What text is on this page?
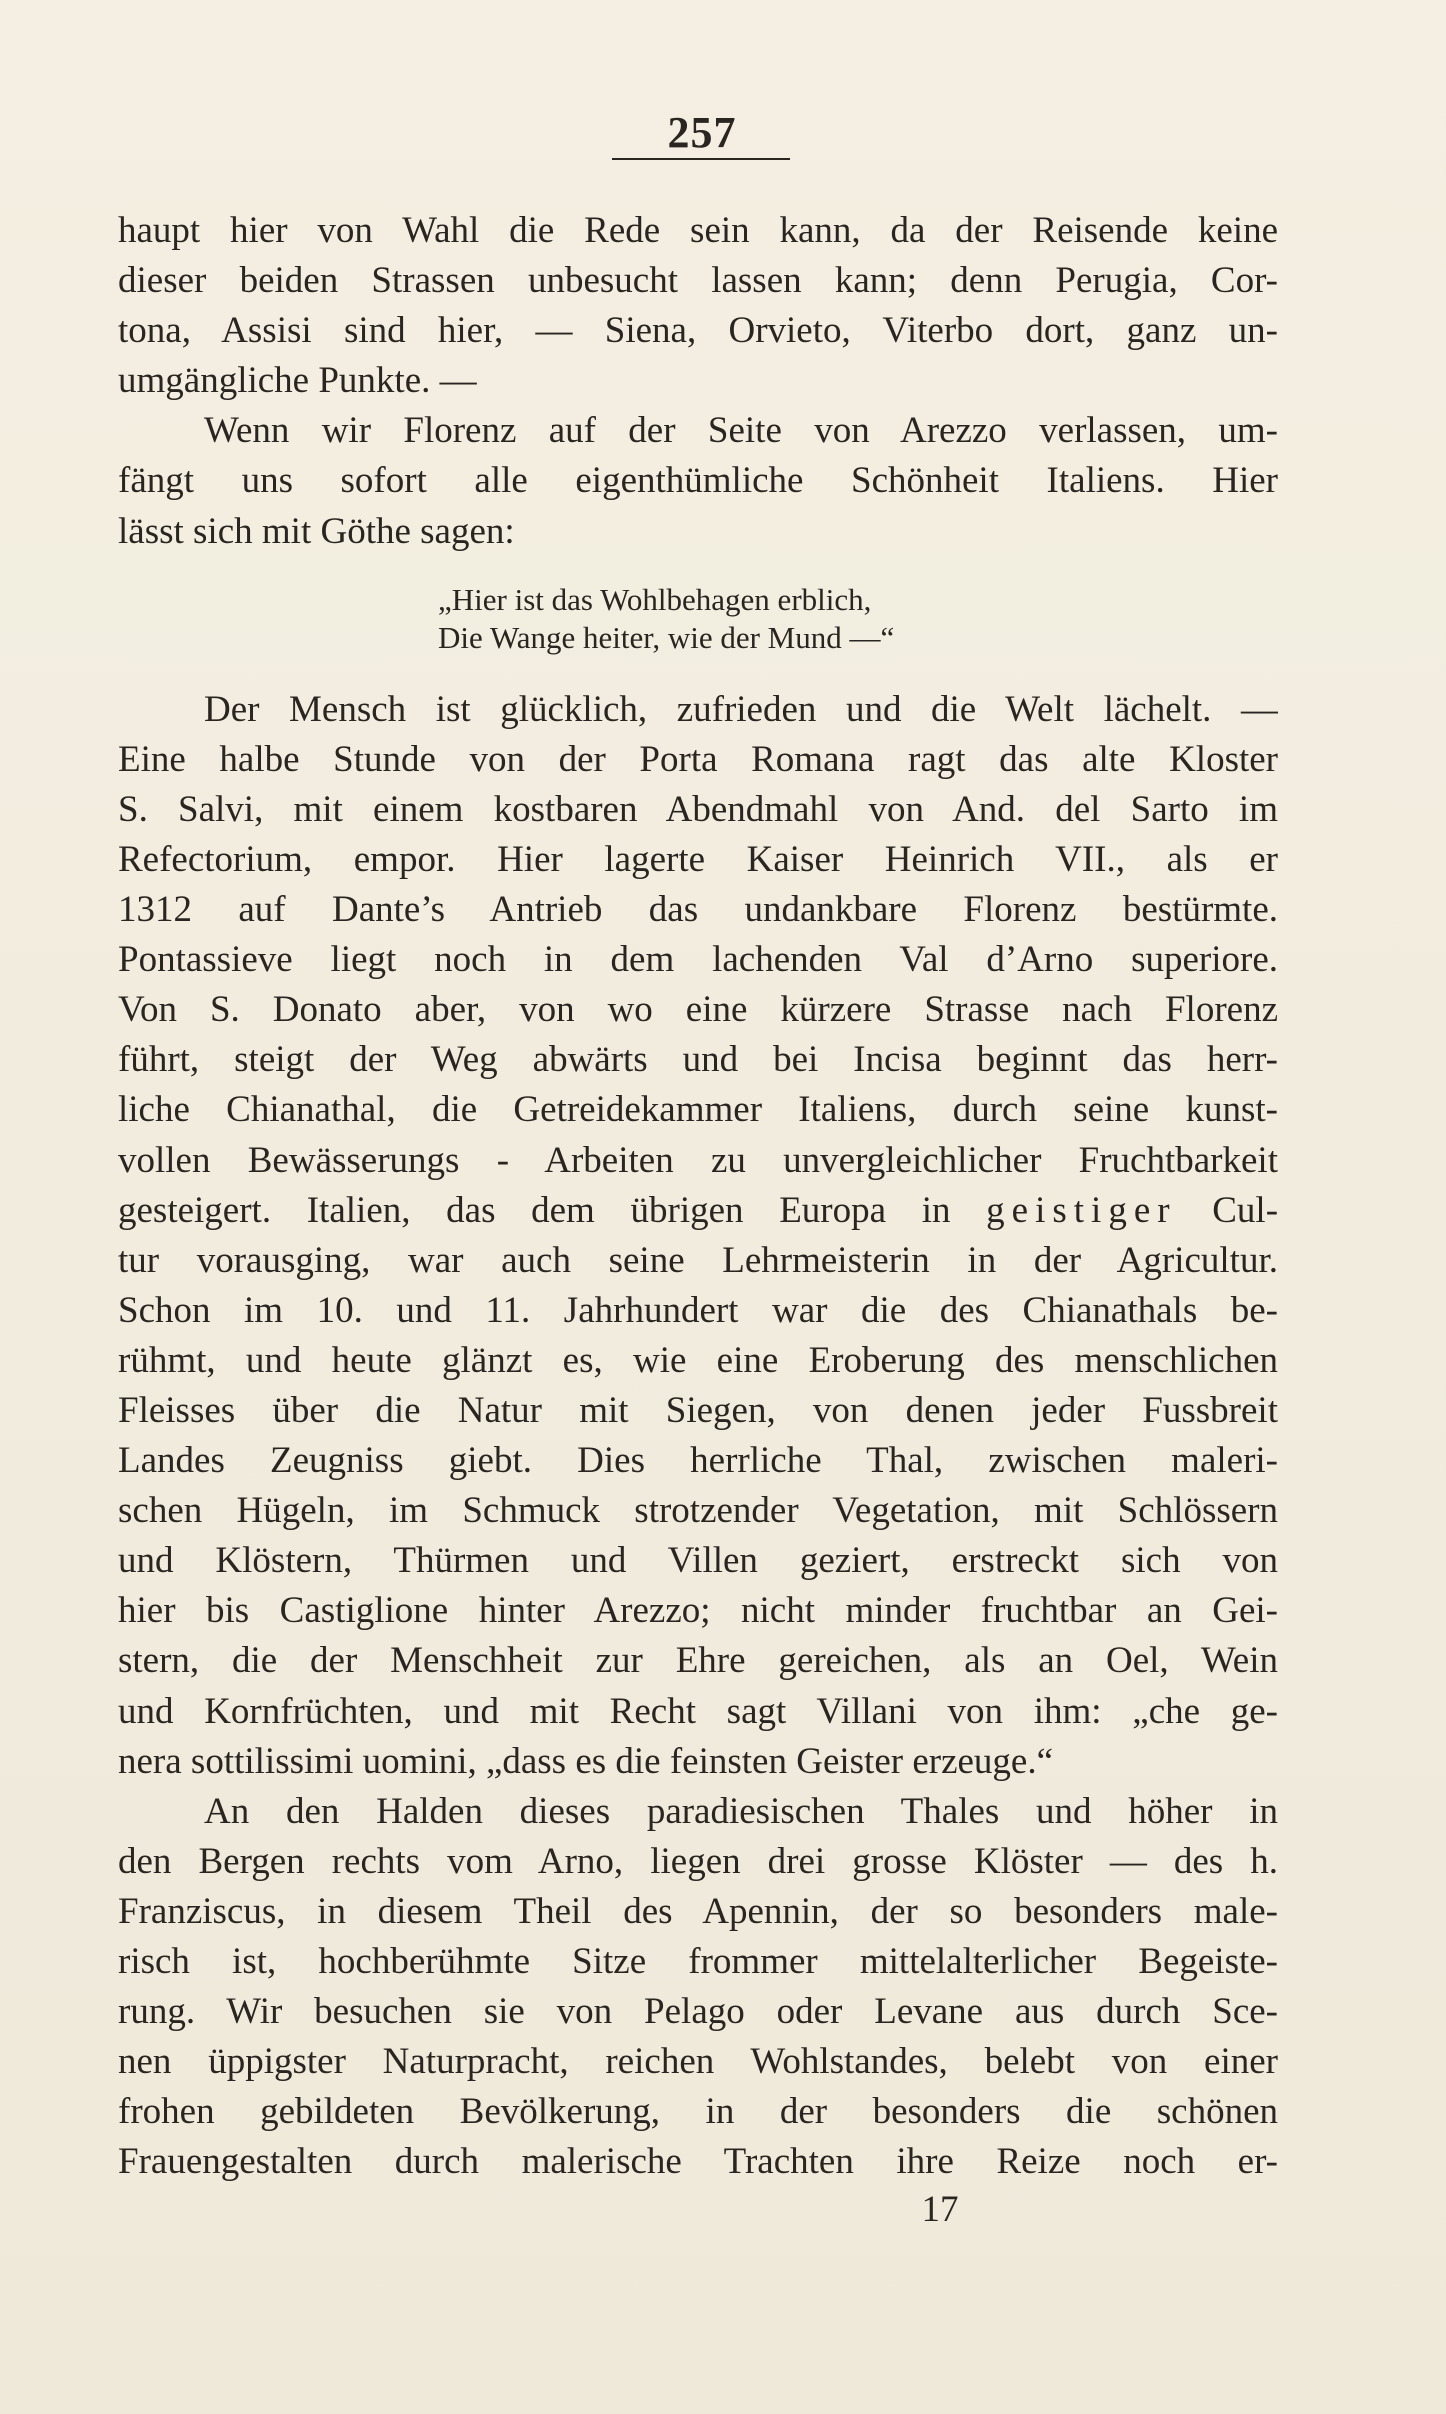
257
haupt hier von Wahl die Rede sein kann, da der Reisende keine
dieser beiden Strassen unbesucht lassen kann; denn Perugia, Cor-
tona, Assisi sind hier, — Siena, Orvieto, Viterbo dort, ganz un-
umgängliche Punkte. —
Wenn wir Florenz auf der Seite von Arezzo verlassen, um-
fängt uns sofort alle eigenthümliche Schönheit Italiens. Hier
lässt sich mit Göthe sagen:
„Hier ist das Wohlbehagen erblich,
Die Wange heiter, wie der Mund —“
Der Mensch ist glücklich, zufrieden und die Welt lächelt. —
Eine halbe Stunde von der Porta Romana ragt das alte Kloster
S. Salvi, mit einem kostbaren Abendmahl von And. del Sarto im
Refectorium, empor. Hier lagerte Kaiser Heinrich VII., als er
1312 auf Dante’s Antrieb das undankbare Florenz bestürmte.
Pontassieve liegt noch in dem lachenden Val d’Arno superiore.
Von S. Donato aber, von wo eine kürzere Strasse nach Florenz
führt, steigt der Weg abwärts und bei Incisa beginnt das herr-
liche Chianathal, die Getreidekammer Italiens, durch seine kunst-
vollen Bewässerungs - Arbeiten zu unvergleichlicher Fruchtbarkeit
gesteigert. Italien, das dem übrigen Europa in geistiger Cul-
tur vorausging, war auch seine Lehrmeisterin in der Agricultur.
Schon im 10. und 11. Jahrhundert war die des Chianathals be-
rühmt, und heute glänzt es, wie eine Eroberung des menschlichen
Fleisses über die Natur mit Siegen, von denen jeder Fussbreit
Landes Zeugniss giebt. Dies herrliche Thal, zwischen maleri-
schen Hügeln, im Schmuck strotzender Vegetation, mit Schlössern
und Klöstern, Thürmen und Villen geziert, erstreckt sich von
hier bis Castiglione hinter Arezzo; nicht minder fruchtbar an Gei-
stern, die der Menschheit zur Ehre gereichen, als an Oel, Wein
und Kornfrüchten, und mit Recht sagt Villani von ihm: „che ge-
nera sottilissimi uomini, „dass es die feinsten Geister erzeuge.“
An den Halden dieses paradiesischen Thales und höher in
den Bergen rechts vom Arno, liegen drei grosse Klöster — des h.
Franziscus, in diesem Theil des Apennin, der so besonders male-
risch ist, hochberühmte Sitze frommer mittelalterlicher Begeiste-
rung. Wir besuchen sie von Pelago oder Levane aus durch Sce-
nen üppigster Naturpracht, reichen Wohlstandes, belebt von einer
frohen gebildeten Bevölkerung, in der besonders die schönen
Frauengestalten durch malerische Trachten ihre Reize noch er-
17
